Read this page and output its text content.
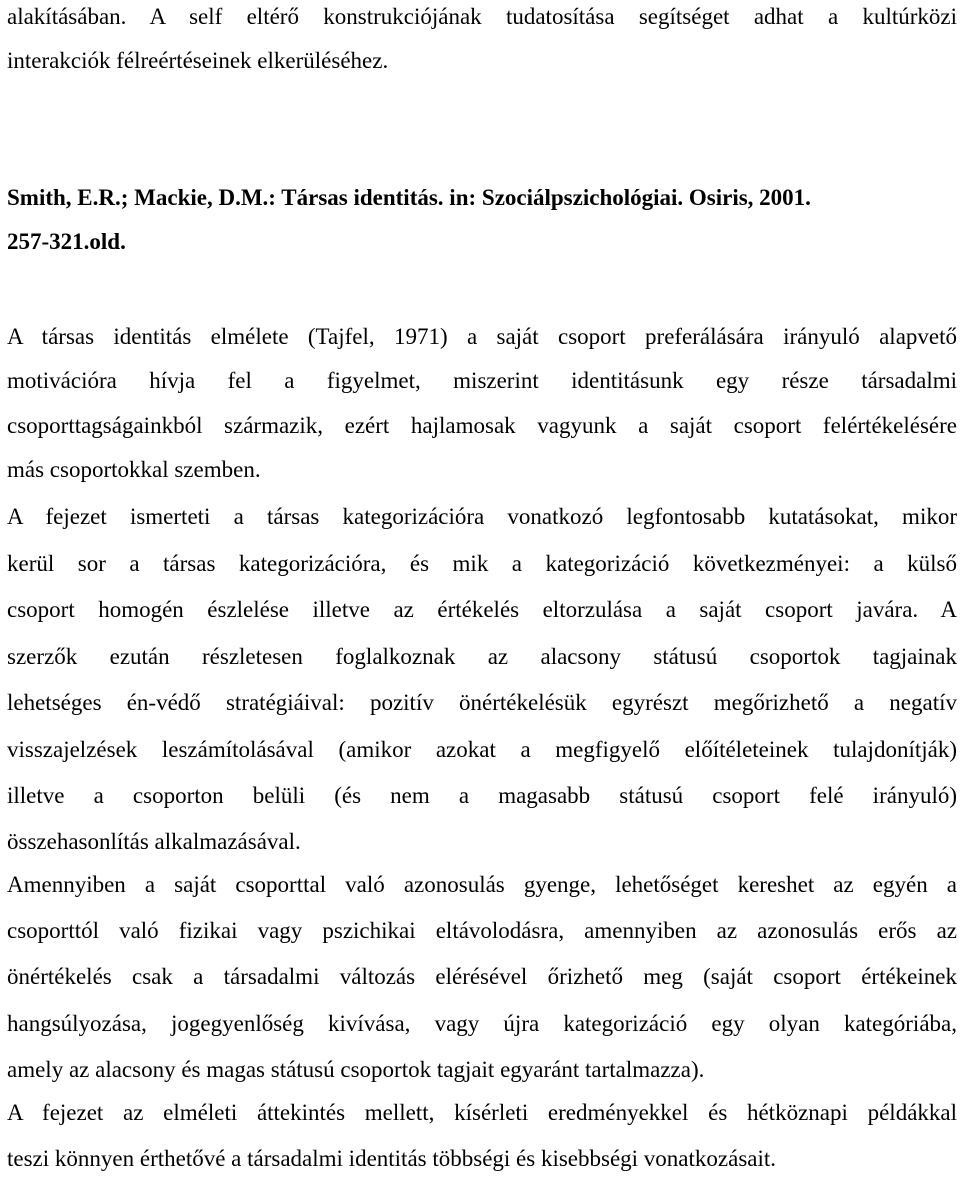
alakításában. A self eltérő konstrukciójának tudatosítása segítséget adhat a kultúrközi
interakciók félreértéseinek elkerüléséhez.
Smith, E.R.; Mackie, D.M.: Társas identitás. in: Szociálpszichológiai. Osiris, 2001.
257-321.old.
A társas identitás elmélete (Tajfel, 1971) a saját csoport preferálására irányuló alapvető
motivációra hívja fel a figyelmet, miszerint identitásunk egy része társadalmi
csoporttagságainkból származik, ezért hajlamosak vagyunk a saját csoport felértékelésére
más csoportokkal szemben.
A fejezet ismerteti a társas kategorizációra vonatkozó legfontosabb kutatásokat, mikor
kerül sor a társas kategorizációra, és mik a kategorizáció következményei: a külső
csoport homogén észlelése illetve az értékelés eltorzulása a saját csoport javára. A
szerzők ezután részletesen foglalkoznak az alacsony státusú csoportok tagjainak
lehetséges én-védő stratégiáival: pozitív önértékelésük egyrészt megőrizhető a negatív
visszajelzések leszámítolásával (amikor azokat a megfigyelő előítéleteinek tulajdonítják)
illetve a csoporton belüli (és nem a magasabb státusú csoport felé irányuló)
összehasonlítás alkalmazásával.
Amennyiben a saját csoporttal való azonosulás gyenge, lehetőséget kereshet az egyén a
csoporttól való fizikai vagy pszichikai eltávolodásra, amennyiben az azonosulás erős az
önértékelés csak a társadalmi változás elérésével őrizhető meg (saját csoport értékeinek
hangsúlyozása, jogegyenlőség kivívása, vagy újra kategorizáció egy olyan kategóriába,
amely az alacsony és magas státusú csoportok tagjait egyaránt tartalmazza).
A fejezet az elméleti áttekintés mellett, kísérleti eredményekkel és hétköznapi példákkal
teszi könnyen érthetővé a társadalmi identitás többségi és kisebbségi vonatkozásait.
